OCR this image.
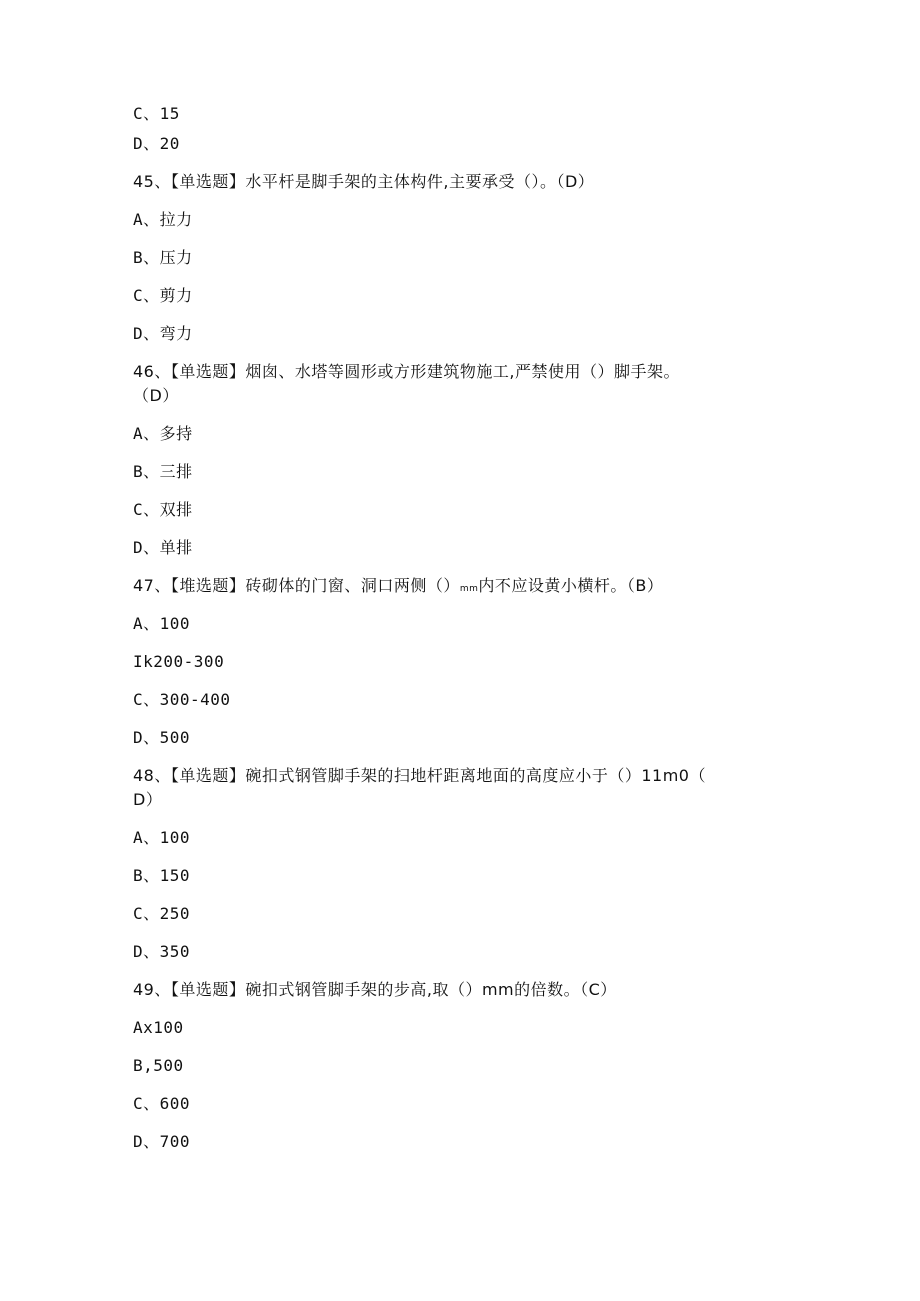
C、15
D、20
45、【单选题】水平杆是脚手架的主体构件,主要承受（）。（D）
A、拉力
B、压力
C、剪力
D、弯力
46、【单选题】烟囱、水塔等圆形或方形建筑物施工,严禁使用（）脚手架。
（D）
A、多持
B、三排
C、双排
D、单排
47、【堆选题】砖砌体的门窗、洞口两侧（）mm内不应设黄小横杆。（B）
A、100
Ik200-300
C、300-400
D、500
48、【单选题】碗扣式钢管脚手架的扫地杆距离地面的高度应小于（）11m0（
D）
A、100
B、150
C、250
D、350
49、【单选题】碗扣式钢管脚手架的步高,取（）mm的倍数。（C）
Ax100
B,500
C、600
D、700
